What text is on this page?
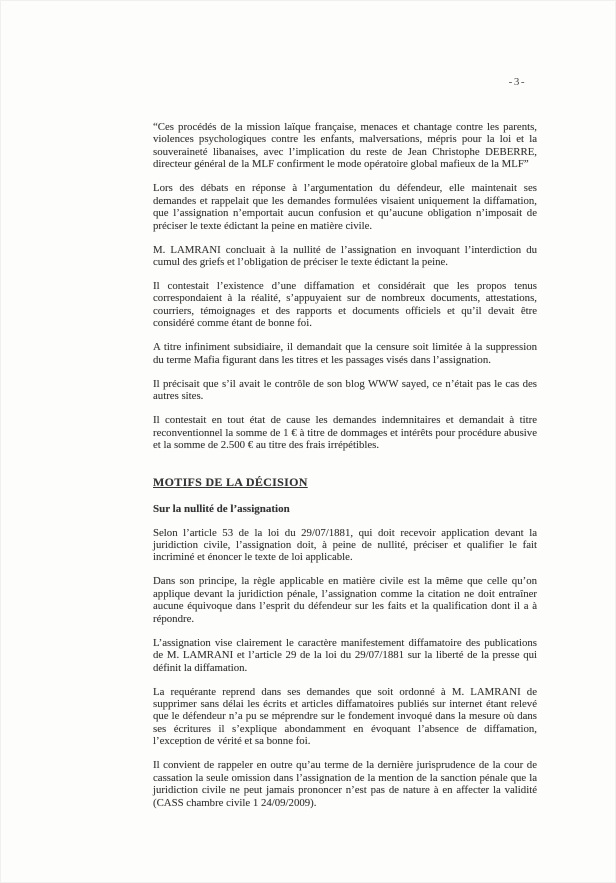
-3-

“Ces procédés de la mission laïque française, menaces et chantage contre les parents, violences psychologiques contre les enfants, malversations, mépris pour la loi et la souveraineté libanaises, avec l’implication du reste de Jean Christophe DEBERRE, directeur général de la MLF confirment le mode opératoire global mafieux de la MLF”

Lors des débats en réponse à l’argumentation du défendeur, elle maintenait ses demandes et rappelait que les demandes formulées visaient uniquement la diffamation, que l’assignation n’emportait aucun confusion et qu’aucune obligation n’imposait de préciser le texte édictant la peine en matière civile.

M. LAMRANI concluait à la nullité de l’assignation en invoquant l’interdiction du cumul des griefs et l’obligation de préciser le texte édictant la peine.

Il contestait l’existence d’une diffamation et considérait que les propos tenus correspondaient à la réalité, s’appuyaient sur de nombreux documents, attestations, courriers, témoignages et des rapports et documents officiels et qu’il devait être considéré comme étant de bonne foi.

A titre infiniment subsidiaire, il demandait que la censure soit limitée à la suppression du terme Mafia figurant dans les titres et les passages visés dans l’assignation.

Il précisait que s’il avait le contrôle de son blog WWW sayed, ce n’était pas le cas des autres sites.

Il contestait en tout état de cause les demandes indemnitaires et demandait à titre reconventionnel la somme de 1 € à titre de dommages et intérêts pour procédure abusive et la somme de 2.500 € au titre des frais irrépétibles.

MOTIFS DE LA DÉCISION
Sur la nullité de l’assignation

Selon l’article 53 de la loi du 29/07/1881, qui doit recevoir application devant la juridiction civile, l’assignation doit, à peine de nullité, préciser et qualifier le fait incriminé et énoncer le texte de loi applicable.

Dans son principe, la règle applicable en matière civile est la même que celle qu’on applique devant la juridiction pénale, l’assignation comme la citation ne doit entraîner aucune équivoque dans l’esprit du défendeur sur les faits et la qualification dont il a à répondre.

L’assignation vise clairement le caractère manifestement diffamatoire des publications de M. LAMRANI et l’article 29 de la loi du 29/07/1881 sur la liberté de la presse qui définit la diffamation.

La requérante reprend dans ses demandes que soit ordonné à M. LAMRANI de supprimer sans délai les écrits et articles diffamatoires publiés sur internet étant relevé que le défendeur n’a pu se méprendre sur le fondement invoqué dans la mesure où dans ses écritures il s’explique abondamment en évoquant l’absence de diffamation, l’exception de vérité et sa bonne foi.

Il convient de rappeler en outre qu’au terme de la dernière jurisprudence de la cour de cassation la seule omission dans l’assignation de la mention de la sanction pénale que la juridiction civile ne peut jamais prononcer n’est pas de nature à en affecter la validité (CASS chambre civile 1 24/09/2009).
